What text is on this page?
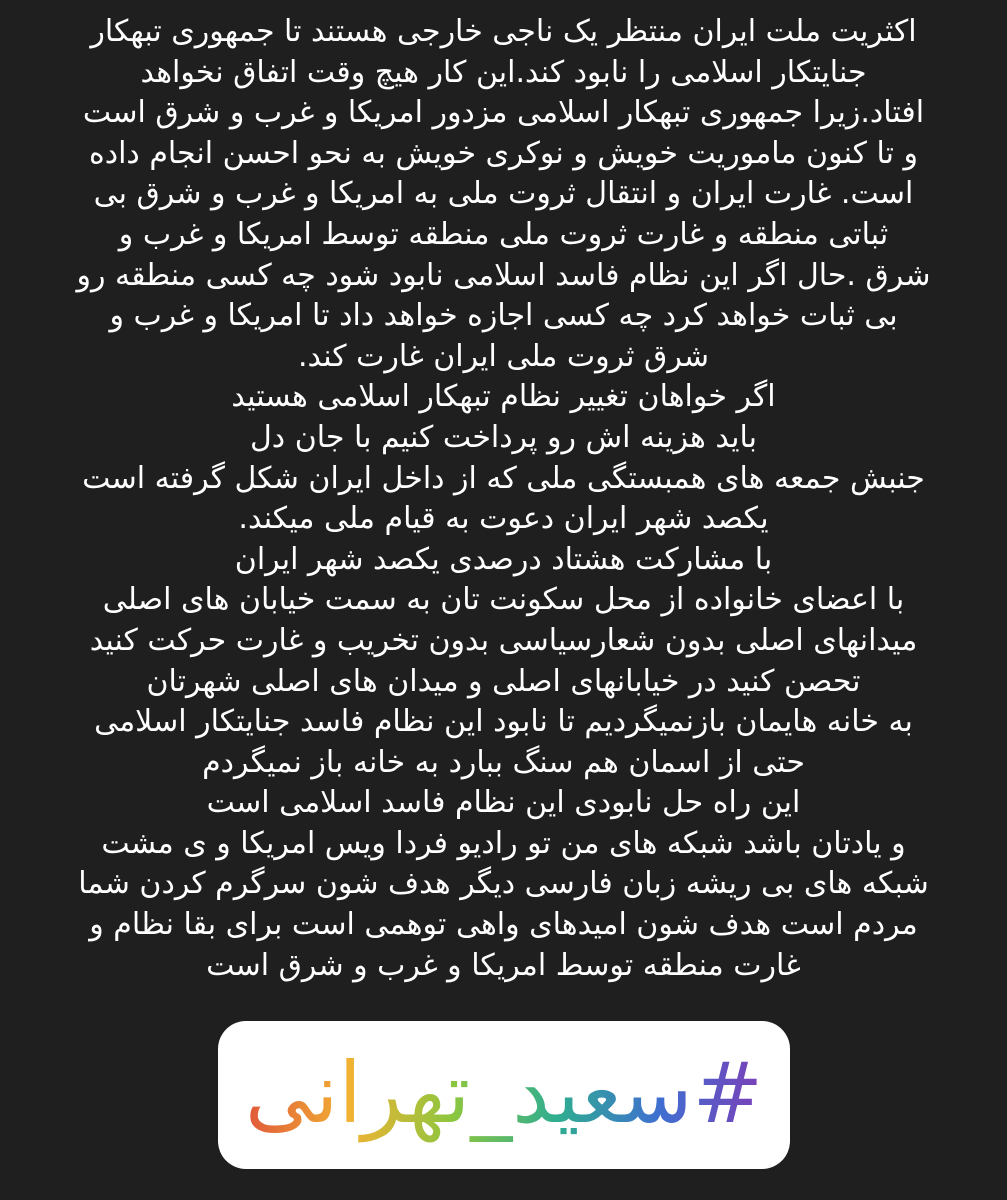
اکثریت ملت ایران منتظر یک ناجی خارجی هستند تا جمهوری تبهکار
جنایتکار اسلامی را نابود کند.این کار هیچ وقت اتفاق نخواهد
افتاد.زیرا جمهوری تبهکار اسلامی مزدور امریکا و غرب و شرق است
و تا کنون ماموریت خویش و نوکری خویش به نحو احسن انجام داده
است. غارت ایران و انتقال ثروت ملی به امریکا و غرب و شرق بی
ثباتی منطقه و غارت ثروت ملی منطقه توسط امریکا و غرب و
شرق .حال اگر این نظام فاسد اسلامی نابود شود چه کسی منطقه رو
بی ثبات خواهد کرد چه کسی اجازه خواهد داد تا امریکا و غرب و
شرق ثروت ملی ایران غارت کند.
اگر خواهان تغییر نظام تبهکار اسلامی هستید
باید هزینه اش رو پرداخت کنیم با جان دل
جنبش جمعه های همبستگی ملی که از داخل ایران شکل گرفته است
یکصد شهر ایران دعوت به قیام ملی میکند.
با مشارکت هشتاد درصدی یکصد شهر ایران
با اعضای خانواده از محل سکونت تان به سمت خیابان های اصلی
میدانهای اصلی بدون شعارسیاسی بدون تخریب و غارت حرکت کنید
تحصن کنید در خیابانهای اصلی و میدان های اصلی شهرتان
به خانه هایمان بازنمیگردیم تا نابود این نظام فاسد جنایتکار اسلامی
حتی از اسمان هم سنگ ببارد به خانه باز نمیگردم
این راه حل نابودی این نظام فاسد اسلامی است
و یادتان باشد شبکه های من تو رادیو فردا ویس امریکا و ی مشت
شبکه های بی ریشه زبان فارسی دیگر هدف شون سرگرم کردن شما
مردم است هدف شون امیدهای واهی توهمی است برای بقا نظام و
غارت منطقه توسط امریکا و غرب و شرق است
#سعید_تهرانی
